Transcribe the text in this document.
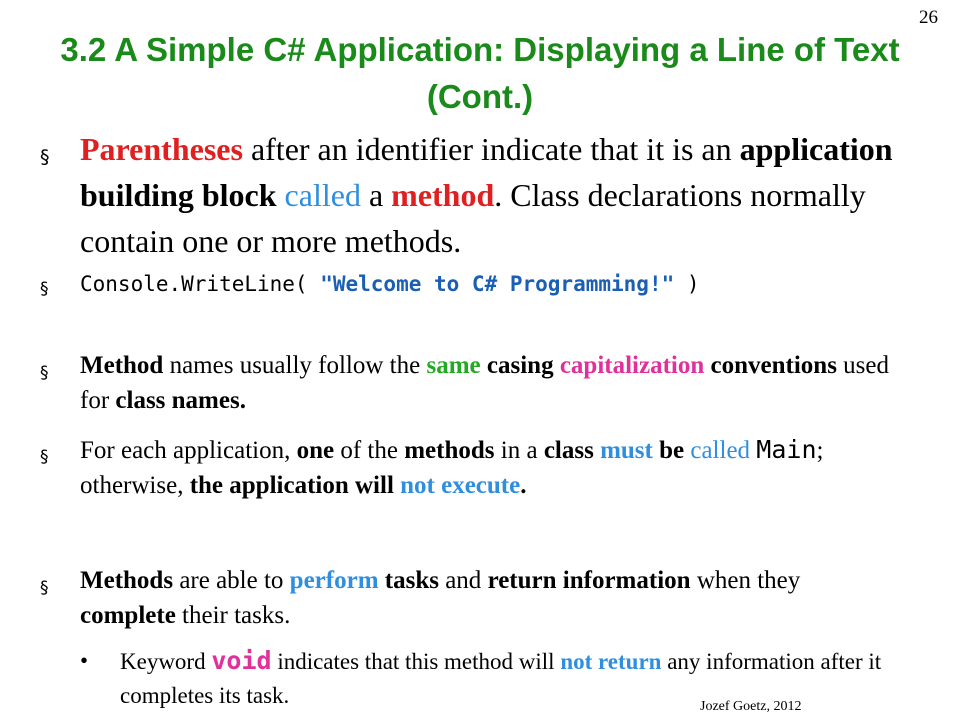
26
3.2 A Simple C# Application: Displaying a Line of Text (Cont.)
§ Parentheses after an identifier indicate that it is an application building block called a method. Class declarations normally contain one or more methods.
§	Console.WriteLine( "Welcome to C# Programming!" )
§	Method names usually follow the same casing capitalization conventions used for class names.
§	For each application, one of the methods in a class must be called Main; otherwise, the application will not execute.
§	Methods are able to perform tasks and return information when they complete their tasks.
•	Keyword void indicates that this method will not return any information after it completes its task.	Jozef Goetz, 2012
